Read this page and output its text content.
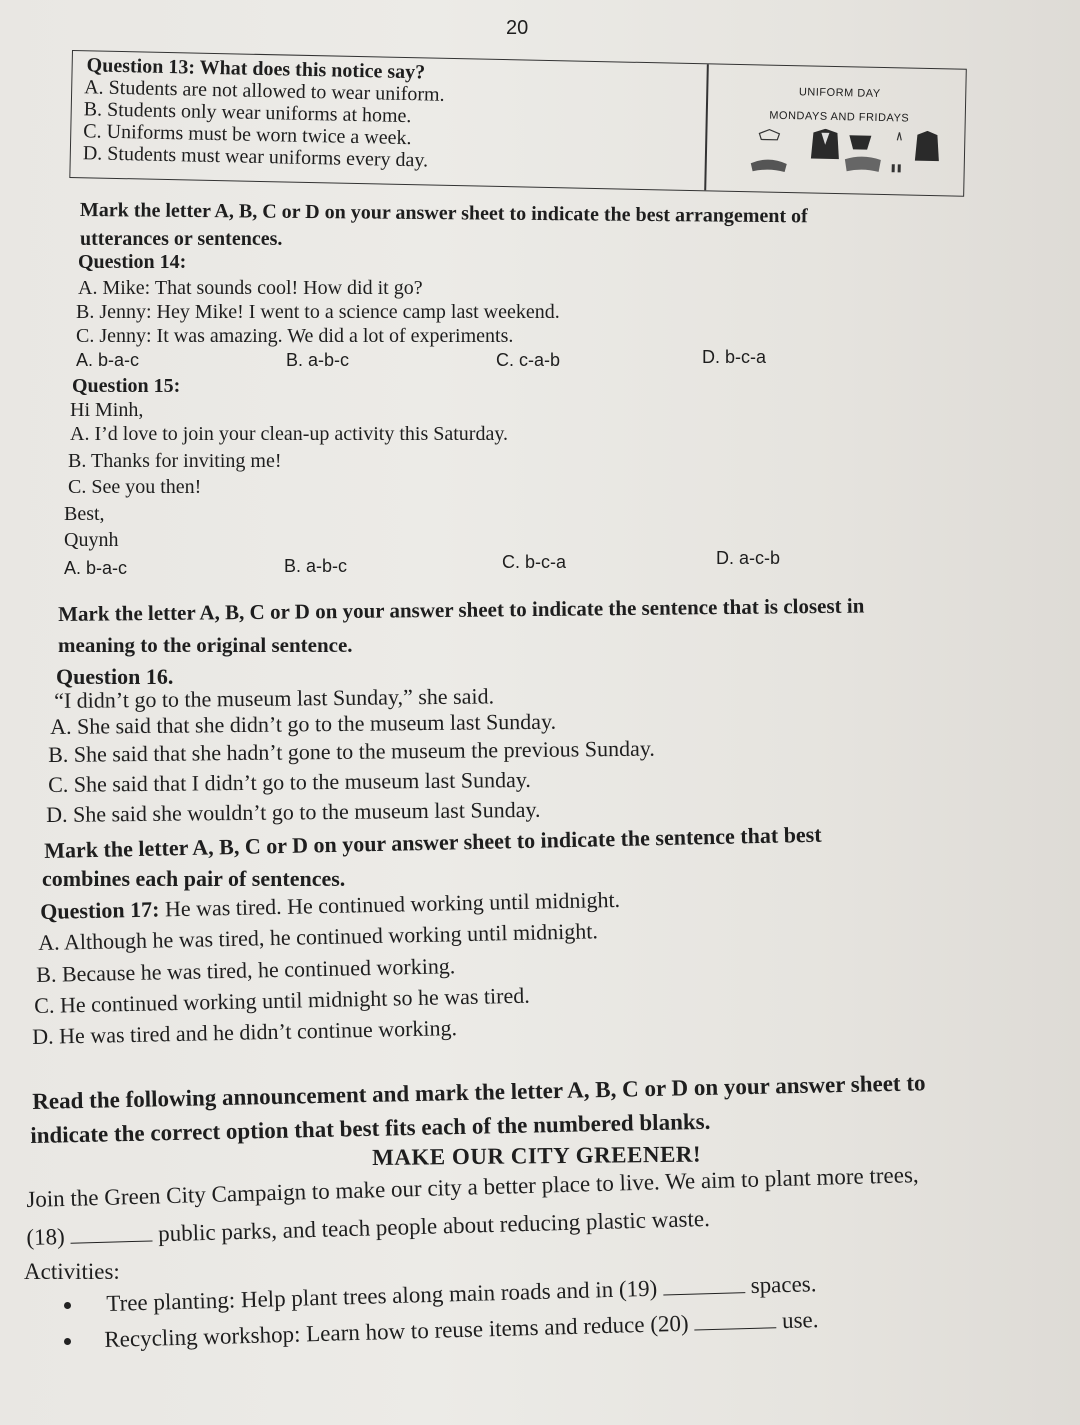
20
Question 13: What does this notice say?
A. Students are not allowed to wear uniform.
B. Students only wear uniforms at home.
C. Uniforms must be worn twice a week.
D. Students must wear uniforms every day.
UNIFORM DAY
MONDAYS AND FRIDAYS
Mark the letter A, B, C or D on your answer sheet to indicate the best arrangement of
utterances or sentences.
Question 14:
A. Mike: That sounds cool! How did it go?
B. Jenny: Hey Mike! I went to a science camp last weekend.
C. Jenny: It was amazing. We did a lot of experiments.
A. b-a-c	B. a-b-c	C. c-a-b	D. b-c-a
Question 15:
Hi Minh,
A. I’d love to join your clean-up activity this Saturday.
B. Thanks for inviting me!
C. See you then!
Best,
Quynh
A. b-a-c	B. a-b-c	C. b-c-a	D. a-c-b
Mark the letter A, B, C or D on your answer sheet to indicate the sentence that is closest in
meaning to the original sentence.
Question 16.
“I didn’t go to the museum last Sunday,” she said.
A. She said that she didn’t go to the museum last Sunday.
B. She said that she hadn’t gone to the museum the previous Sunday.
C. She said that I didn’t go to the museum last Sunday.
D. She said she wouldn’t go to the museum last Sunday.
Mark the letter A, B, C or D on your answer sheet to indicate the sentence that best
combines each pair of sentences.
Question 17: He was tired. He continued working until midnight.
A. Although he was tired, he continued working until midnight.
B. Because he was tired, he continued working.
C. He continued working until midnight so he was tired.
D. He was tired and he didn’t continue working.
Read the following announcement and mark the letter A, B, C or D on your answer sheet to
indicate the correct option that best fits each of the numbered blanks.
MAKE OUR CITY GREENER!
Join the Green City Campaign to make our city a better place to live. We aim to plant more trees,
(18)	public parks, and teach people about reducing plastic waste.
Activities:
Tree planting: Help plant trees along main roads and in (19)	spaces.
Recycling workshop: Learn how to reuse items and reduce (20)	use.
